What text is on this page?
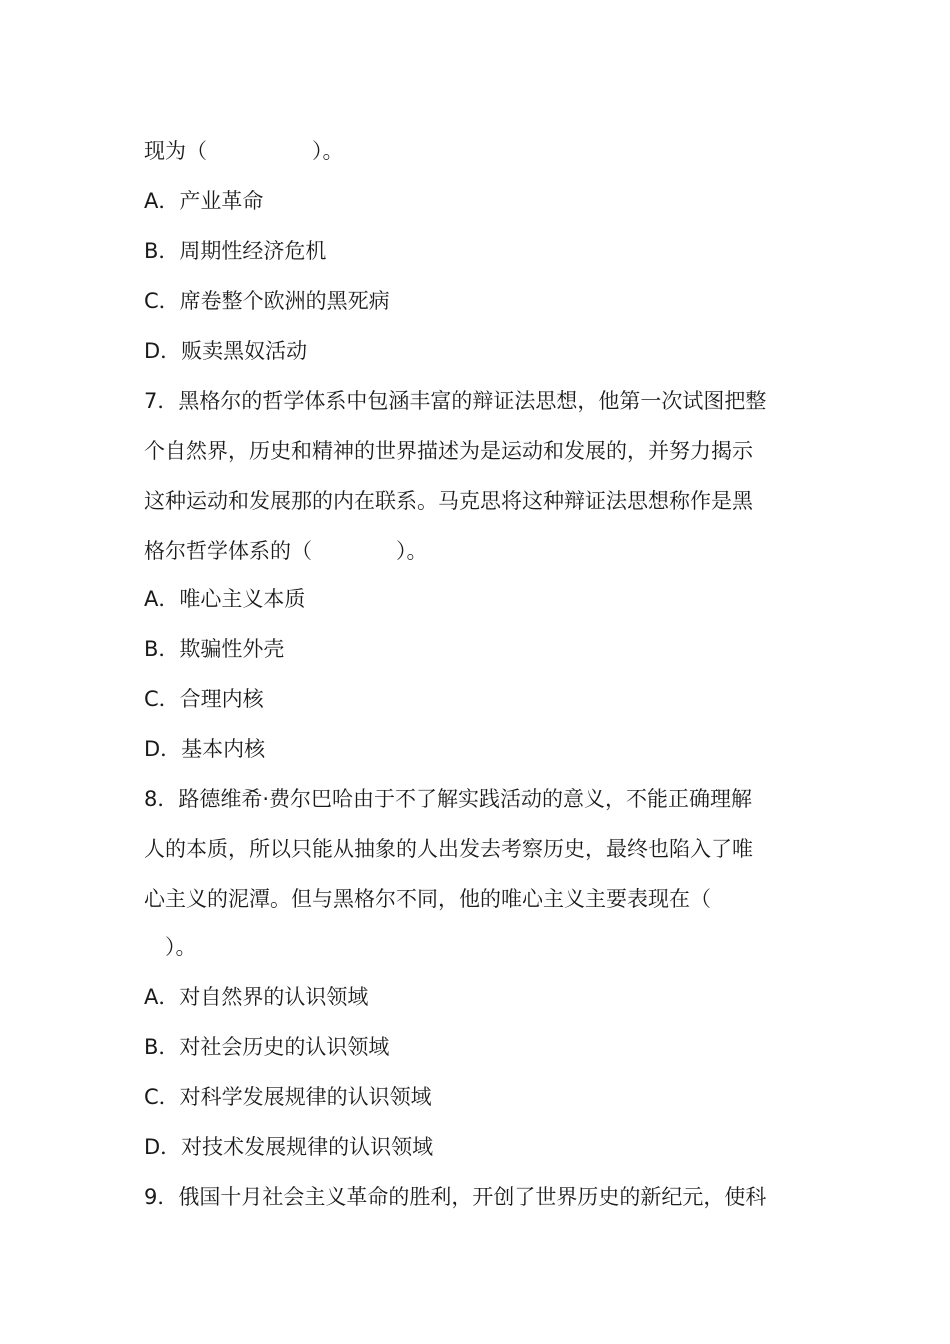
现为（　　　　　）。
A．产业革命
B．周期性经济危机
C．席卷整个欧洲的黑死病
D．贩卖黑奴活动
7．黑格尔的哲学体系中包涵丰富的辩证法思想，他第一次试图把整
个自然界，历史和精神的世界描述为是运动和发展的，并努力揭示
这种运动和发展那的内在联系。马克思将这种辩证法思想称作是黑
格尔哲学体系的（　　　　）。
A．唯心主义本质
B．欺骗性外壳
C．合理内核
D．基本内核
8．路德维希·费尔巴哈由于不了解实践活动的意义，不能正确理解
人的本质，所以只能从抽象的人出发去考察历史，最终也陷入了唯
心主义的泥潭。但与黑格尔不同，他的唯心主义主要表现在（
　）。
A．对自然界的认识领域
B．对社会历史的认识领域
C．对科学发展规律的认识领域
D．对技术发展规律的认识领域
9．俄国十月社会主义革命的胜利，开创了世界历史的新纪元，使科
